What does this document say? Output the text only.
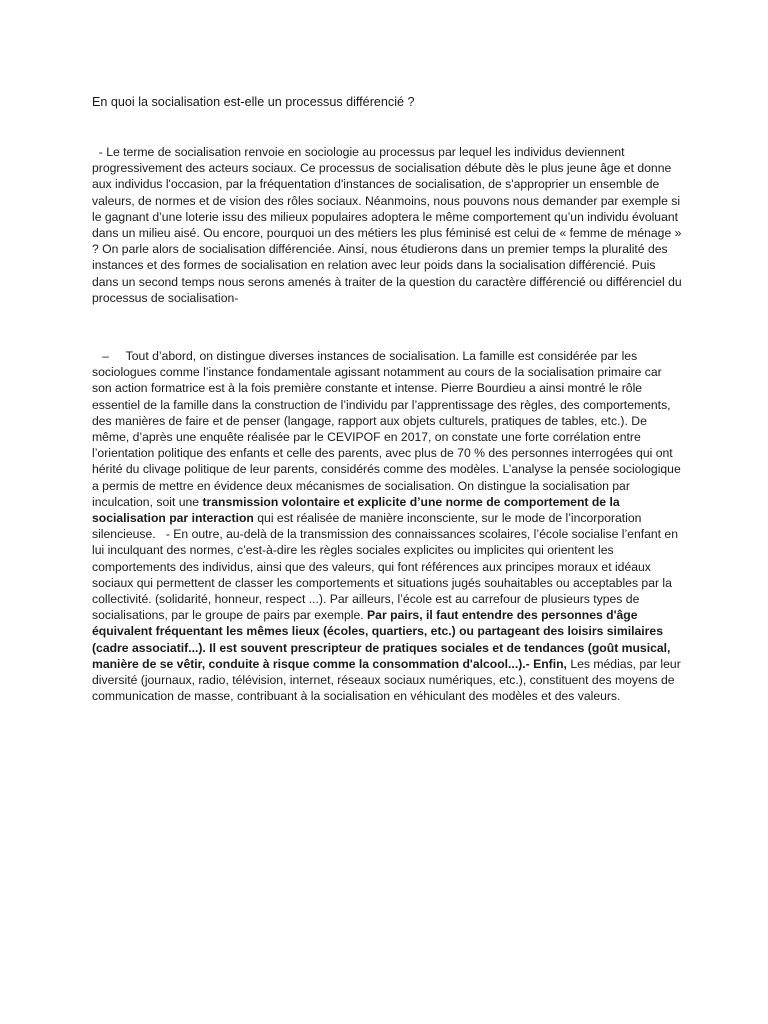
En quoi la socialisation est-elle un processus différencié ?

- Le terme de socialisation renvoie en sociologie au processus par lequel les individus deviennent progressivement des acteurs sociaux. Ce processus de socialisation débute dès le plus jeune âge et donne aux individus l'occasion, par la fréquentation d'instances de socialisation, de s'approprier un ensemble de valeurs, de normes et de vision des rôles sociaux. Néanmoins, nous pouvons nous demander par exemple si le gagnant d’une loterie issu des milieux populaires adoptera le même comportement qu’un individu évoluant dans un milieu aisé. Ou encore, pourquoi un des métiers les plus féminisé est celui de « femme de ménage » ? On parle alors de socialisation différenciée. Ainsi, nous étudierons dans un premier temps la pluralité des instances et des formes de socialisation en relation avec leur poids dans la socialisation différencié. Puis dans un second temps nous serons amenés à traiter de la question du caractère différencié ou différenciel du processus de socialisation-

–     Tout d’abord, on distingue diverses instances de socialisation. La famille est considérée par les sociologues comme l’instance fondamentale agissant notamment au cours de la socialisation primaire car son action formatrice est à la fois première constante et intense. Pierre Bourdieu a ainsi montré le rôle essentiel de la famille dans la construction de l’individu par l’apprentissage des règles, des comportements, des manières de faire et de penser (langage, rapport aux objets culturels, pratiques de tables, etc.). De même, d’après une enquête réalisée par le CEVIPOF en 2017, on constate une forte corrélation entre l’orientation politique des enfants et celle des parents, avec plus de 70 % des personnes interrogées qui ont hérité du clivage politique de leur parents, considérés comme des modèles. L’analyse la pensée sociologique a permis de mettre en évidence deux mécanismes de socialisation. On distingue la socialisation par inculcation, soit une transmission volontaire et explicite d’une norme de comportement de la socialisation par interaction qui est réalisée de manière inconsciente, sur le mode de l’incorporation silencieuse.   - En outre, au-delà de la transmission des connaissances scolaires, l’école socialise l’enfant en lui inculquant des normes, c’est-à-dire les règles sociales explicites ou implicites qui orientent les comportements des individus, ainsi que des valeurs, qui font références aux principes moraux et idéaux sociaux qui permettent de classer les comportements et situations jugés souhaitables ou acceptables par la collectivité. (solidarité, honneur, respect ...). Par ailleurs, l’école est au carrefour de plusieurs types de socialisations, par le groupe de pairs par exemple. Par pairs, il faut entendre des personnes d'âge équivalent fréquentant les mêmes lieux (écoles, quartiers, etc.) ou partageant des loisirs similaires (cadre associatif...). Il est souvent prescripteur de pratiques sociales et de tendances (goût musical, manière de se vêtir, conduite à risque comme la consommation d'alcool...).- Enfin, Les médias, par leur diversité (journaux, radio, télévision, internet, réseaux sociaux numériques, etc.), constituent des moyens de communication de masse, contribuant à la socialisation en véhiculant des modèles et des valeurs.
